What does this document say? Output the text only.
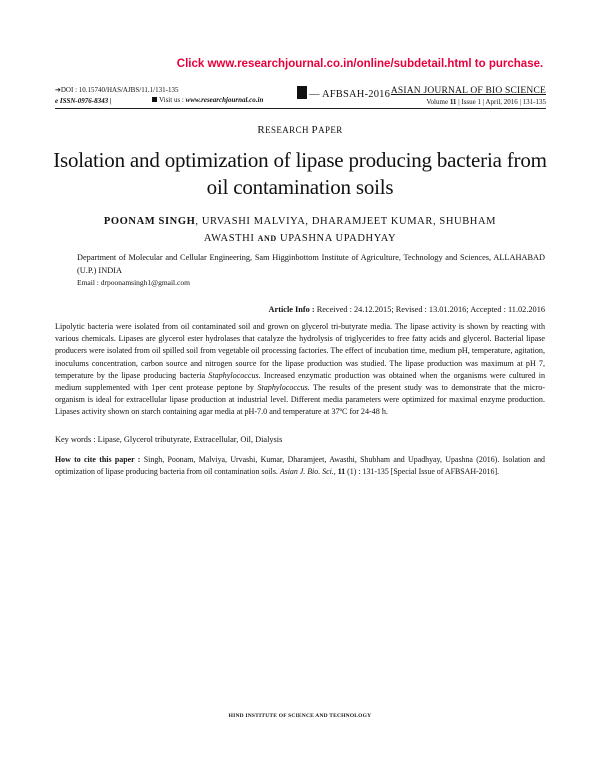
Click www.researchjournal.co.in/online/subdetail.html to purchase.
➔DOI : 10.15740/HAS/AJBS/11.1/131-135
e ISSN-0976-8343 |	Visit us : www.researchjournal.co.in	— AFBSAH-2016 ASIAN JOURNAL OF BIO SCIENCE
Volume 11 | Issue 1 | April, 2016 | 131-135
RESEARCH PAPER
Isolation and optimization of lipase producing bacteria from oil contamination soils
POONAM SINGH, URVASHI MALVIYA, DHARAMJEET KUMAR, SHUBHAM AWASTHI AND UPASHNA UPADHYAY
Department of Molecular and Cellular Engineering, Sam Higginbottom Institute of Agriculture, Technology and Sciences, ALLAHABAD (U.P.) INDIA
Email : drpoonamsingh1@gmail.com
Article Info : Received : 24.12.2015; Revised : 13.01.2016; Accepted : 11.02.2016

Lipolytic bacteria were isolated from oil contaminated soil and grown on glycerol tri-butyrate media. The lipase activity is shown by reacting with various chemicals. Lipases are glycerol ester hydrolases that catalyze the hydrolysis of triglycerides to free fatty acids and glycerol. Bacterial lipase producers were isolated from oil spilled soil from vegetable oil processing factories. The effect of incubation time, medium pH, temperature, agitation, inoculums concentration, carbon source and nitrogen source for the lipase production was studied. The lipase production was maximum at pH 7, temperature by the lipase producing bacteria Staphylococcus. Increased enzymatic production was obtained when the organisms were cultured in medium supplemented with 1per cent protease peptone by Staphylococcus. The results of the present study was to demonstrate that the micro-organism is ideal for extracellular lipase production at industrial level. Different media parameters were optimized for maximal enzyme production. Lipases activity shown on starch containing agar media at pH-7.0 and temperature at 37ºC for 24-48 h.

Key words : Lipase, Glycerol tributyrate, Extracellular, Oil, Dialysis

How to cite this paper : Singh, Poonam, Malviya, Urvashi, Kumar, Dharamjeet, Awasthi, Shubham and Upadhyay, Upashna (2016). Isolation and optimization of lipase producing bacteria from oil contamination soils. Asian J. Bio. Sci., 11 (1) : 131-135 [Special Issue of AFBSAH-2016].

HIND INSTITUTE OF SCIENCE AND TECHNOLOGY
